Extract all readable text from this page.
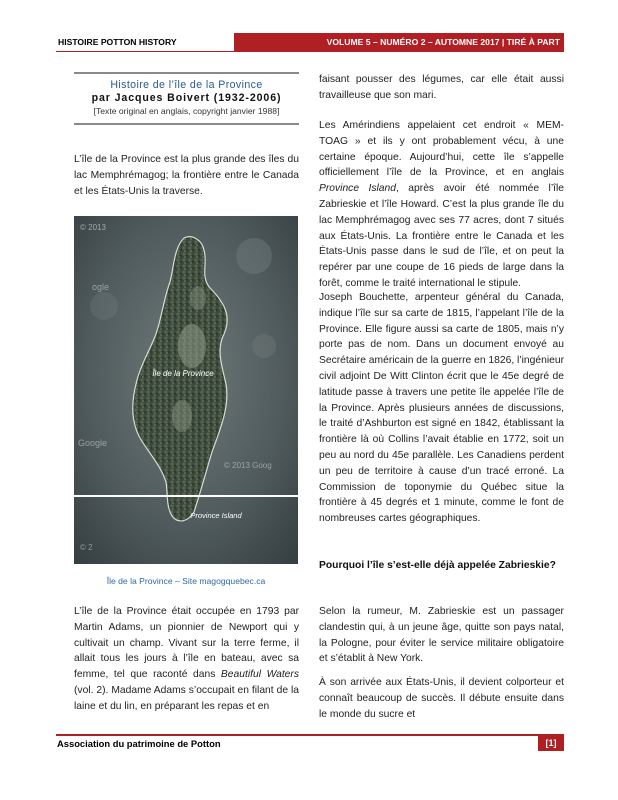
HISTOIRE POTTON HISTORY	VOLUME 5 – NUMÉRO 2 – AUTOMNE 2017 | TIRÉ À PART
Histoire de l’île de la Province
par Jacques Boivert (1932-2006)
[Texte original en anglais, copyright janvier 1988]
L’île de la Province est la plus grande des îles du lac Memphrémagog; la frontière entre le Canada et les États-Unis la traverse.
Île de la Province
Province Island
© 2013
ogle
Google
© 2013 Goog
© 2
Île de la Province – Site magogquebec.ca
L’île de la Province était occupée en 1793 par Martin Adams, un pionnier de Newport qui y cultivait un champ. Vivant sur la terre ferme, il allait tous les jours à l’île en bateau, avec sa femme, tel que raconté dans Beautiful Waters (vol. 2). Madame Adams s’occupait en filant de la laine et du lin, en préparant les repas et en
faisant pousser des légumes, car elle était aussi travailleuse que son mari.
Les Amérindiens appelaient cet endroit « MEM-TOAG » et ils y ont probablement vécu, à une certaine époque. Aujourd’hui, cette île s’appelle officiellement l’île de la Province, et en anglais Province Island, après avoir été nommée l’île Zabrieskie et l’île Howard. C’est la plus grande île du lac Memphrémagog avec ses 77 acres, dont 7 situés aux États-Unis. La frontière entre le Canada et les États-Unis passe dans le sud de l’île, et on peut la repérer par une coupe de 16 pieds de large dans la forêt, comme le traité international le stipule.
Joseph Bouchette, arpenteur général du Canada, indique l’île sur sa carte de 1815, l’appelant l’île de la Province. Elle figure aussi sa carte de 1805, mais n’y porte pas de nom. Dans un document envoyé au Secrétaire américain de la guerre en 1826, l’ingénieur civil adjoint De Witt Clinton écrit que le 45e degré de latitude passe à travers une petite île appelée l’île de la Province. Après plusieurs années de discussions, le traité d’Ashburton est signé en 1842, établissant la frontière là où Collins l’avait établie en 1772, soit un peu au nord du 45e parallèle. Les Canadiens perdent un peu de territoire à cause d’un tracé erroné. La Commission de toponymie du Québec situe la frontière à 45 degrés et 1 minute, comme le font de nombreuses cartes géographiques.
Pourquoi l’île s’est-elle déjà appelée Zabrieskie?
Selon la rumeur, M. Zabrieskie est un passager clandestin qui, à un jeune âge, quitte son pays natal, la Pologne, pour éviter le service militaire obligatoire et s’établit à New York.
À son arrivée aux États-Unis, il devient colporteur et connaît beaucoup de succès. Il débute ensuite dans le monde du sucre et
Association du patrimoine de Potton	[1]
